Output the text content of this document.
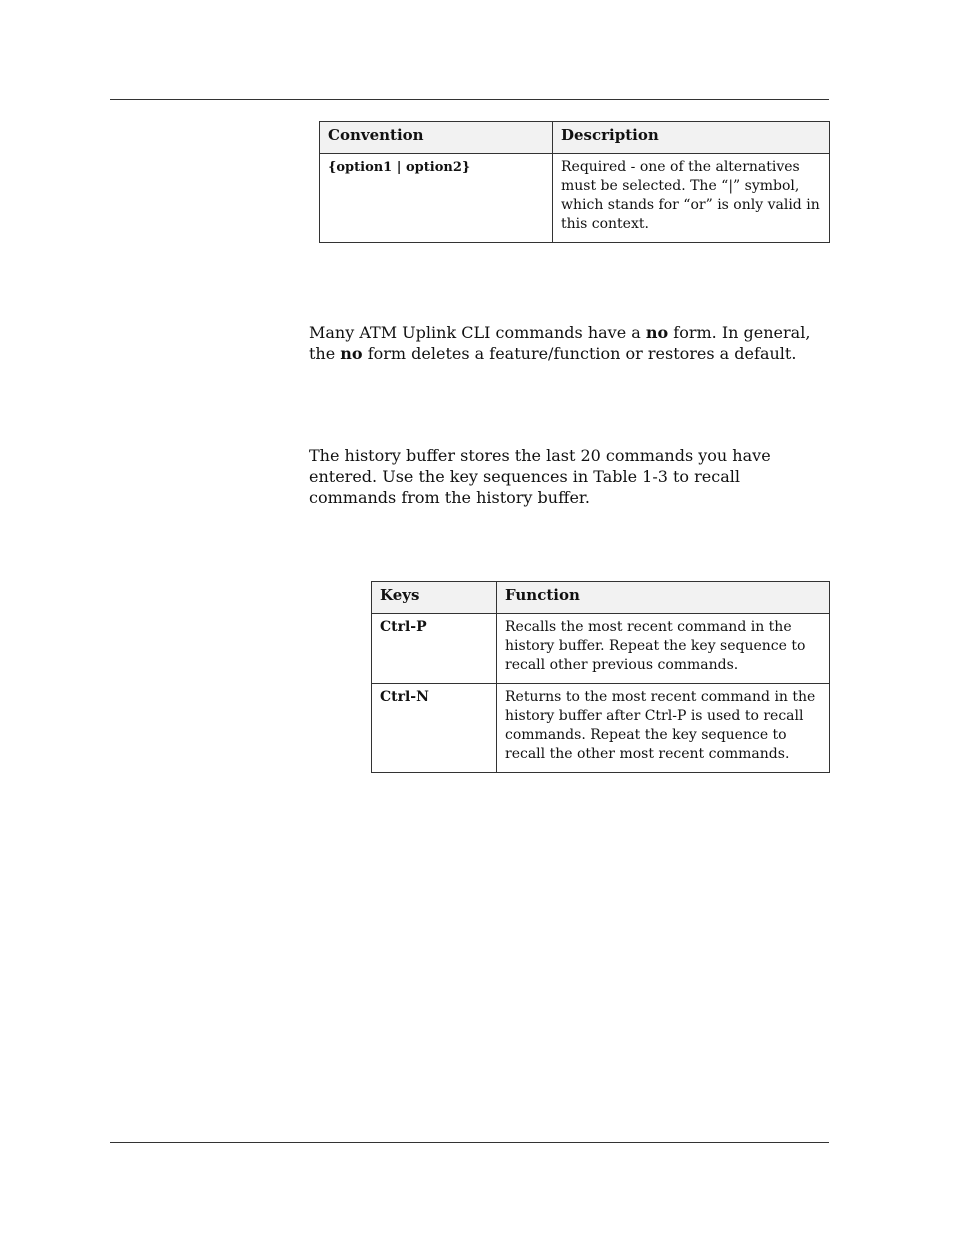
Convention	Description
{option1 | option2}	Required - one of the alternatives must be selected. The “|” symbol, which stands for “or” is only valid in this context.

Many ATM Uplink CLI commands have a no form. In general, the no form deletes a feature/function or restores a default.

The history buffer stores the last 20 commands you have entered. Use the key sequences in Table 1-3 to recall commands from the history buffer.

Keys	Function
Ctrl-P	Recalls the most recent command in the history buffer. Repeat the key sequence to recall other previous commands.
Ctrl-N	Returns to the most recent command in the history buffer after Ctrl-P is used to recall commands. Repeat the key sequence to recall the other most recent commands.
